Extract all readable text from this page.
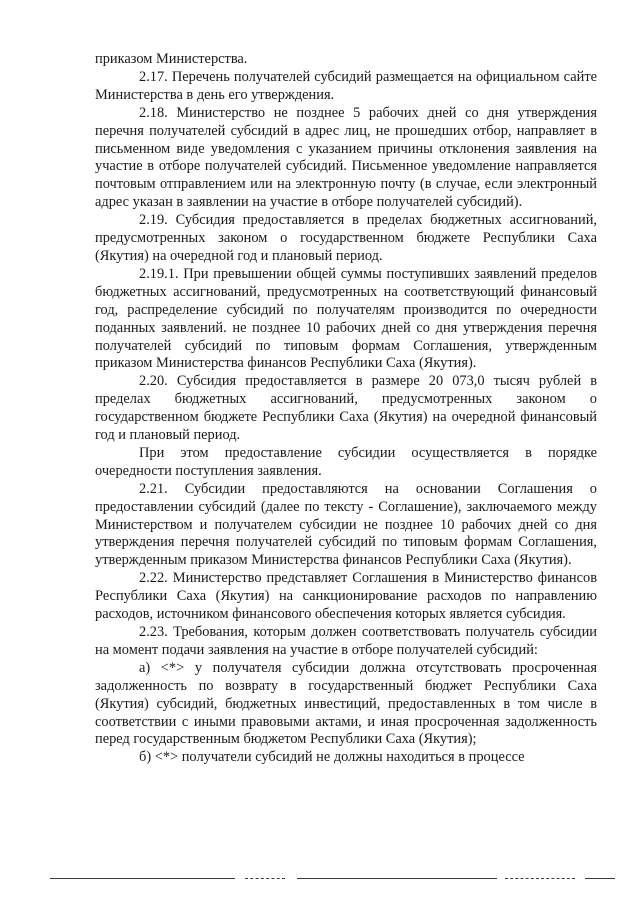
приказом Министерства.

2.17. Перечень получателей субсидий размещается на официальном сайте Министерства в день его утверждения.

2.18. Министерство не позднее 5 рабочих дней со дня утверждения перечня получателей субсидий в адрес лиц, не прошедших отбор, направляет в письменном виде уведомления с указанием причины отклонения заявления на участие в отборе получателей субсидий. Письменное уведомление направляется почтовым отправлением или на электронную почту (в случае, если электронный адрес указан в заявлении на участие в отборе получателей субсидий).

2.19. Субсидия предоставляется в пределах бюджетных ассигнований, предусмотренных законом о государственном бюджете Республики Саха (Якутия) на очередной год и плановый период.

2.19.1. При превышении общей суммы поступивших заявлений пределов бюджетных ассигнований, предусмотренных на соответствующий финансовый год, распределение субсидий по получателям производится по очередности поданных заявлений. не позднее 10 рабочих дней со дня утверждения перечня получателей субсидий по типовым формам Соглашения, утвержденным приказом Министерства финансов Республики Саха (Якутия).

2.20. Субсидия предоставляется в размере 20 073,0 тысяч рублей в пределах бюджетных ассигнований, предусмотренных законом о государственном бюджете Республики Саха (Якутия) на очередной финансовый год и плановый период.

При этом предоставление субсидии осуществляется в порядке очередности поступления заявления.

2.21. Субсидии предоставляются на основании Соглашения о предоставлении субсидий (далее по тексту - Соглашение), заключаемого между Министерством и получателем субсидии не позднее 10 рабочих дней со дня утверждения перечня получателей субсидий по типовым формам Соглашения, утвержденным приказом Министерства финансов Республики Саха (Якутия).

2.22. Министерство представляет Соглашения в Министерство финансов Республики Саха (Якутия) на санкционирование расходов по направлению расходов, источником финансового обеспечения которых является субсидия.

2.23. Требования, которым должен соответствовать получатель субсидии на момент подачи заявления на участие в отборе получателей субсидий:

а) <*> у получателя субсидии должна отсутствовать просроченная задолженность по возврату в государственный бюджет Республики Саха (Якутия) субсидий, бюджетных инвестиций, предоставленных в том числе в соответствии с иными правовыми актами, и иная просроченная задолженность перед государственным бюджетом Республики Саха (Якутия);

б) <*> получатели субсидий не должны находиться в процессе
